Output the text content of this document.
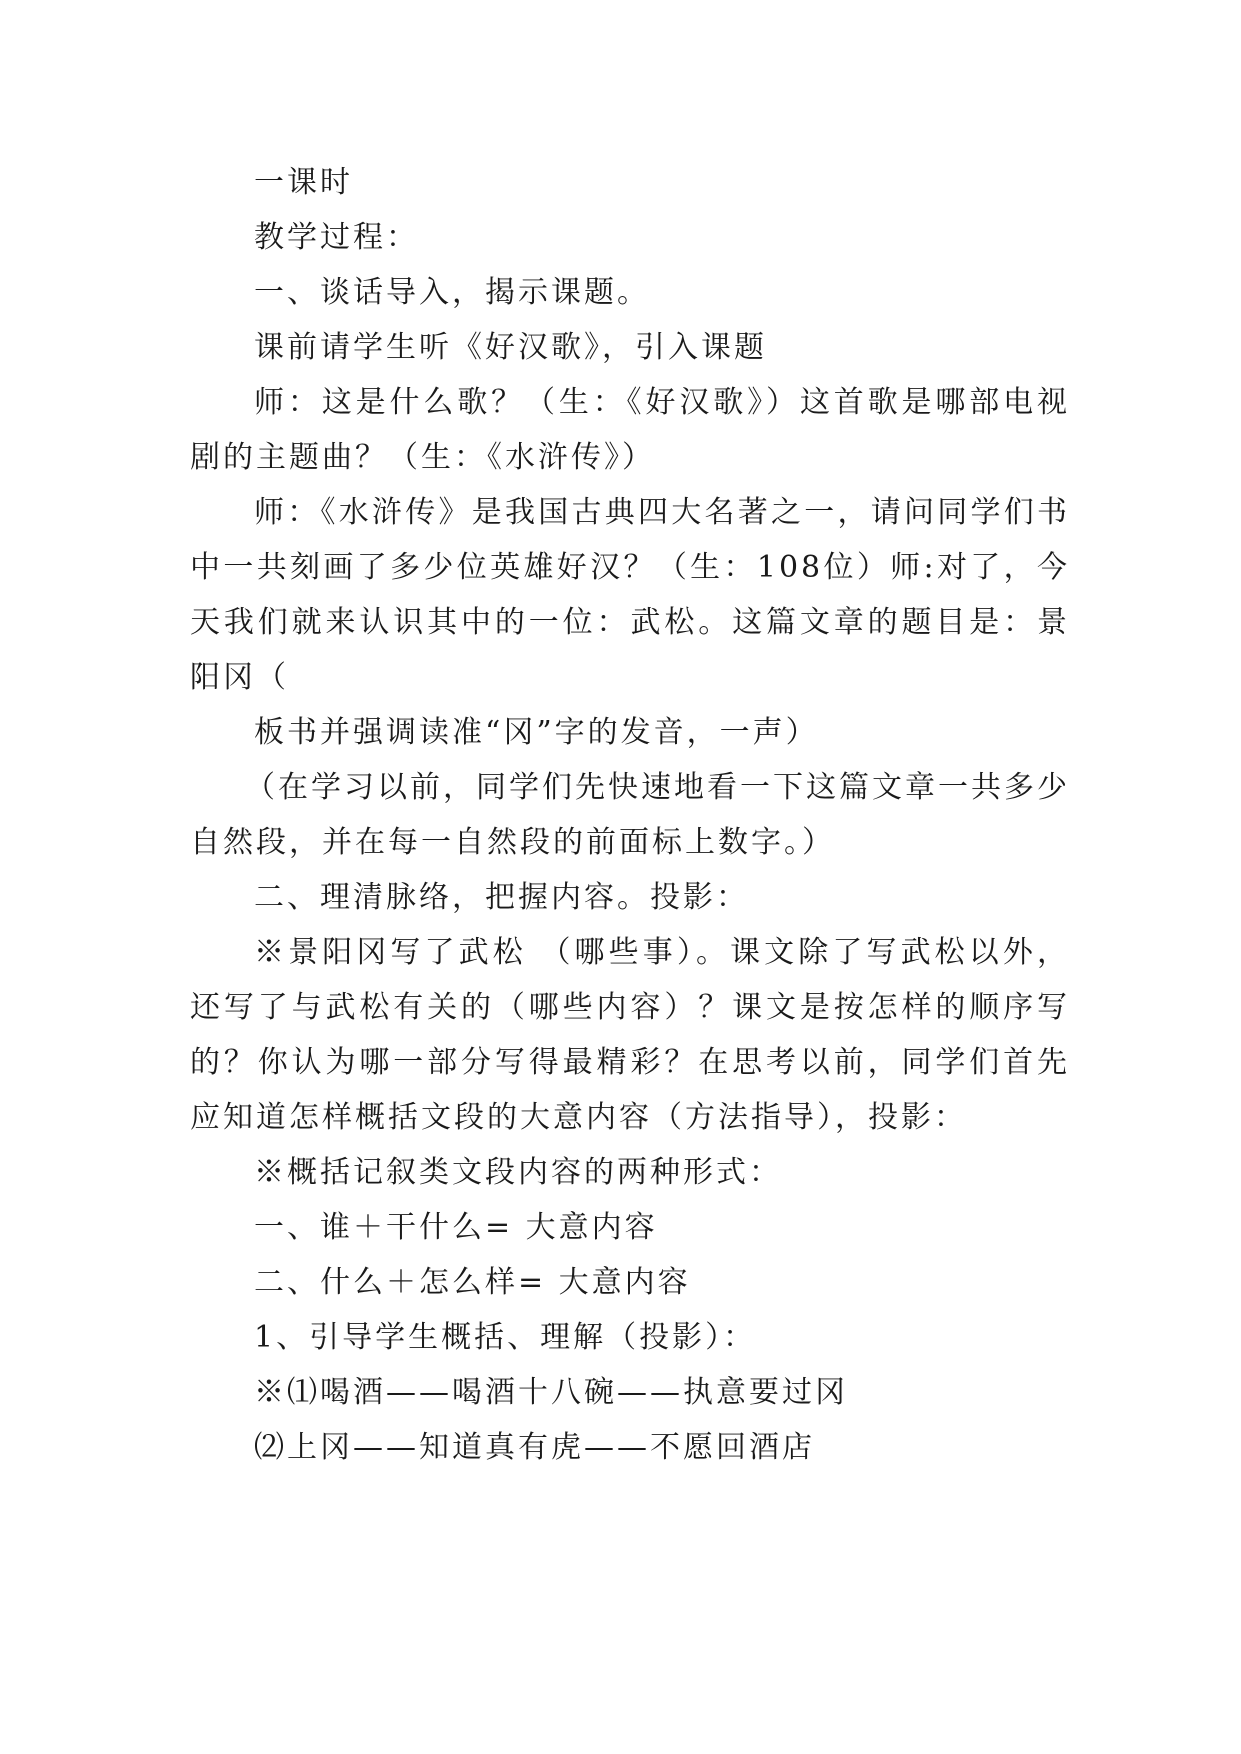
一课时

教学过程：

一、谈话导入，揭示课题。

课前请学生听《好汉歌》，引入课题

师：这是什么歌？（生：《好汉歌》）这首歌是哪部电视剧的主题曲？（生：《水浒传》）

师：《水浒传》是我国古典四大名著之一，请问同学们书中一共刻画了多少位英雄好汉？（生：108位）师:对了，今天我们就来认识其中的一位：武松。这篇文章的题目是：景阳冈（

板书并强调读准“冈”字的发音，一声）

（在学习以前，同学们先快速地看一下这篇文章一共多少自然段，并在每一自然段的前面标上数字。）

二、理清脉络，把握内容。投影：

※景阳冈写了武松 （哪些事）。课文除了写武松以外，还写了与武松有关的（哪些内容）？课文是按怎样的顺序写的？你认为哪一部分写得最精彩？在思考以前，同学们首先应知道怎样概括文段的大意内容（方法指导），投影：

※概括记叙类文段内容的两种形式：

一、谁＋干什么= 大意内容

二、什么＋怎么样= 大意内容

1、引导学生概括、理解（投影）：

※⑴喝酒——喝酒十八碗——执意要过冈

⑵上冈——知道真有虎——不愿回酒店
